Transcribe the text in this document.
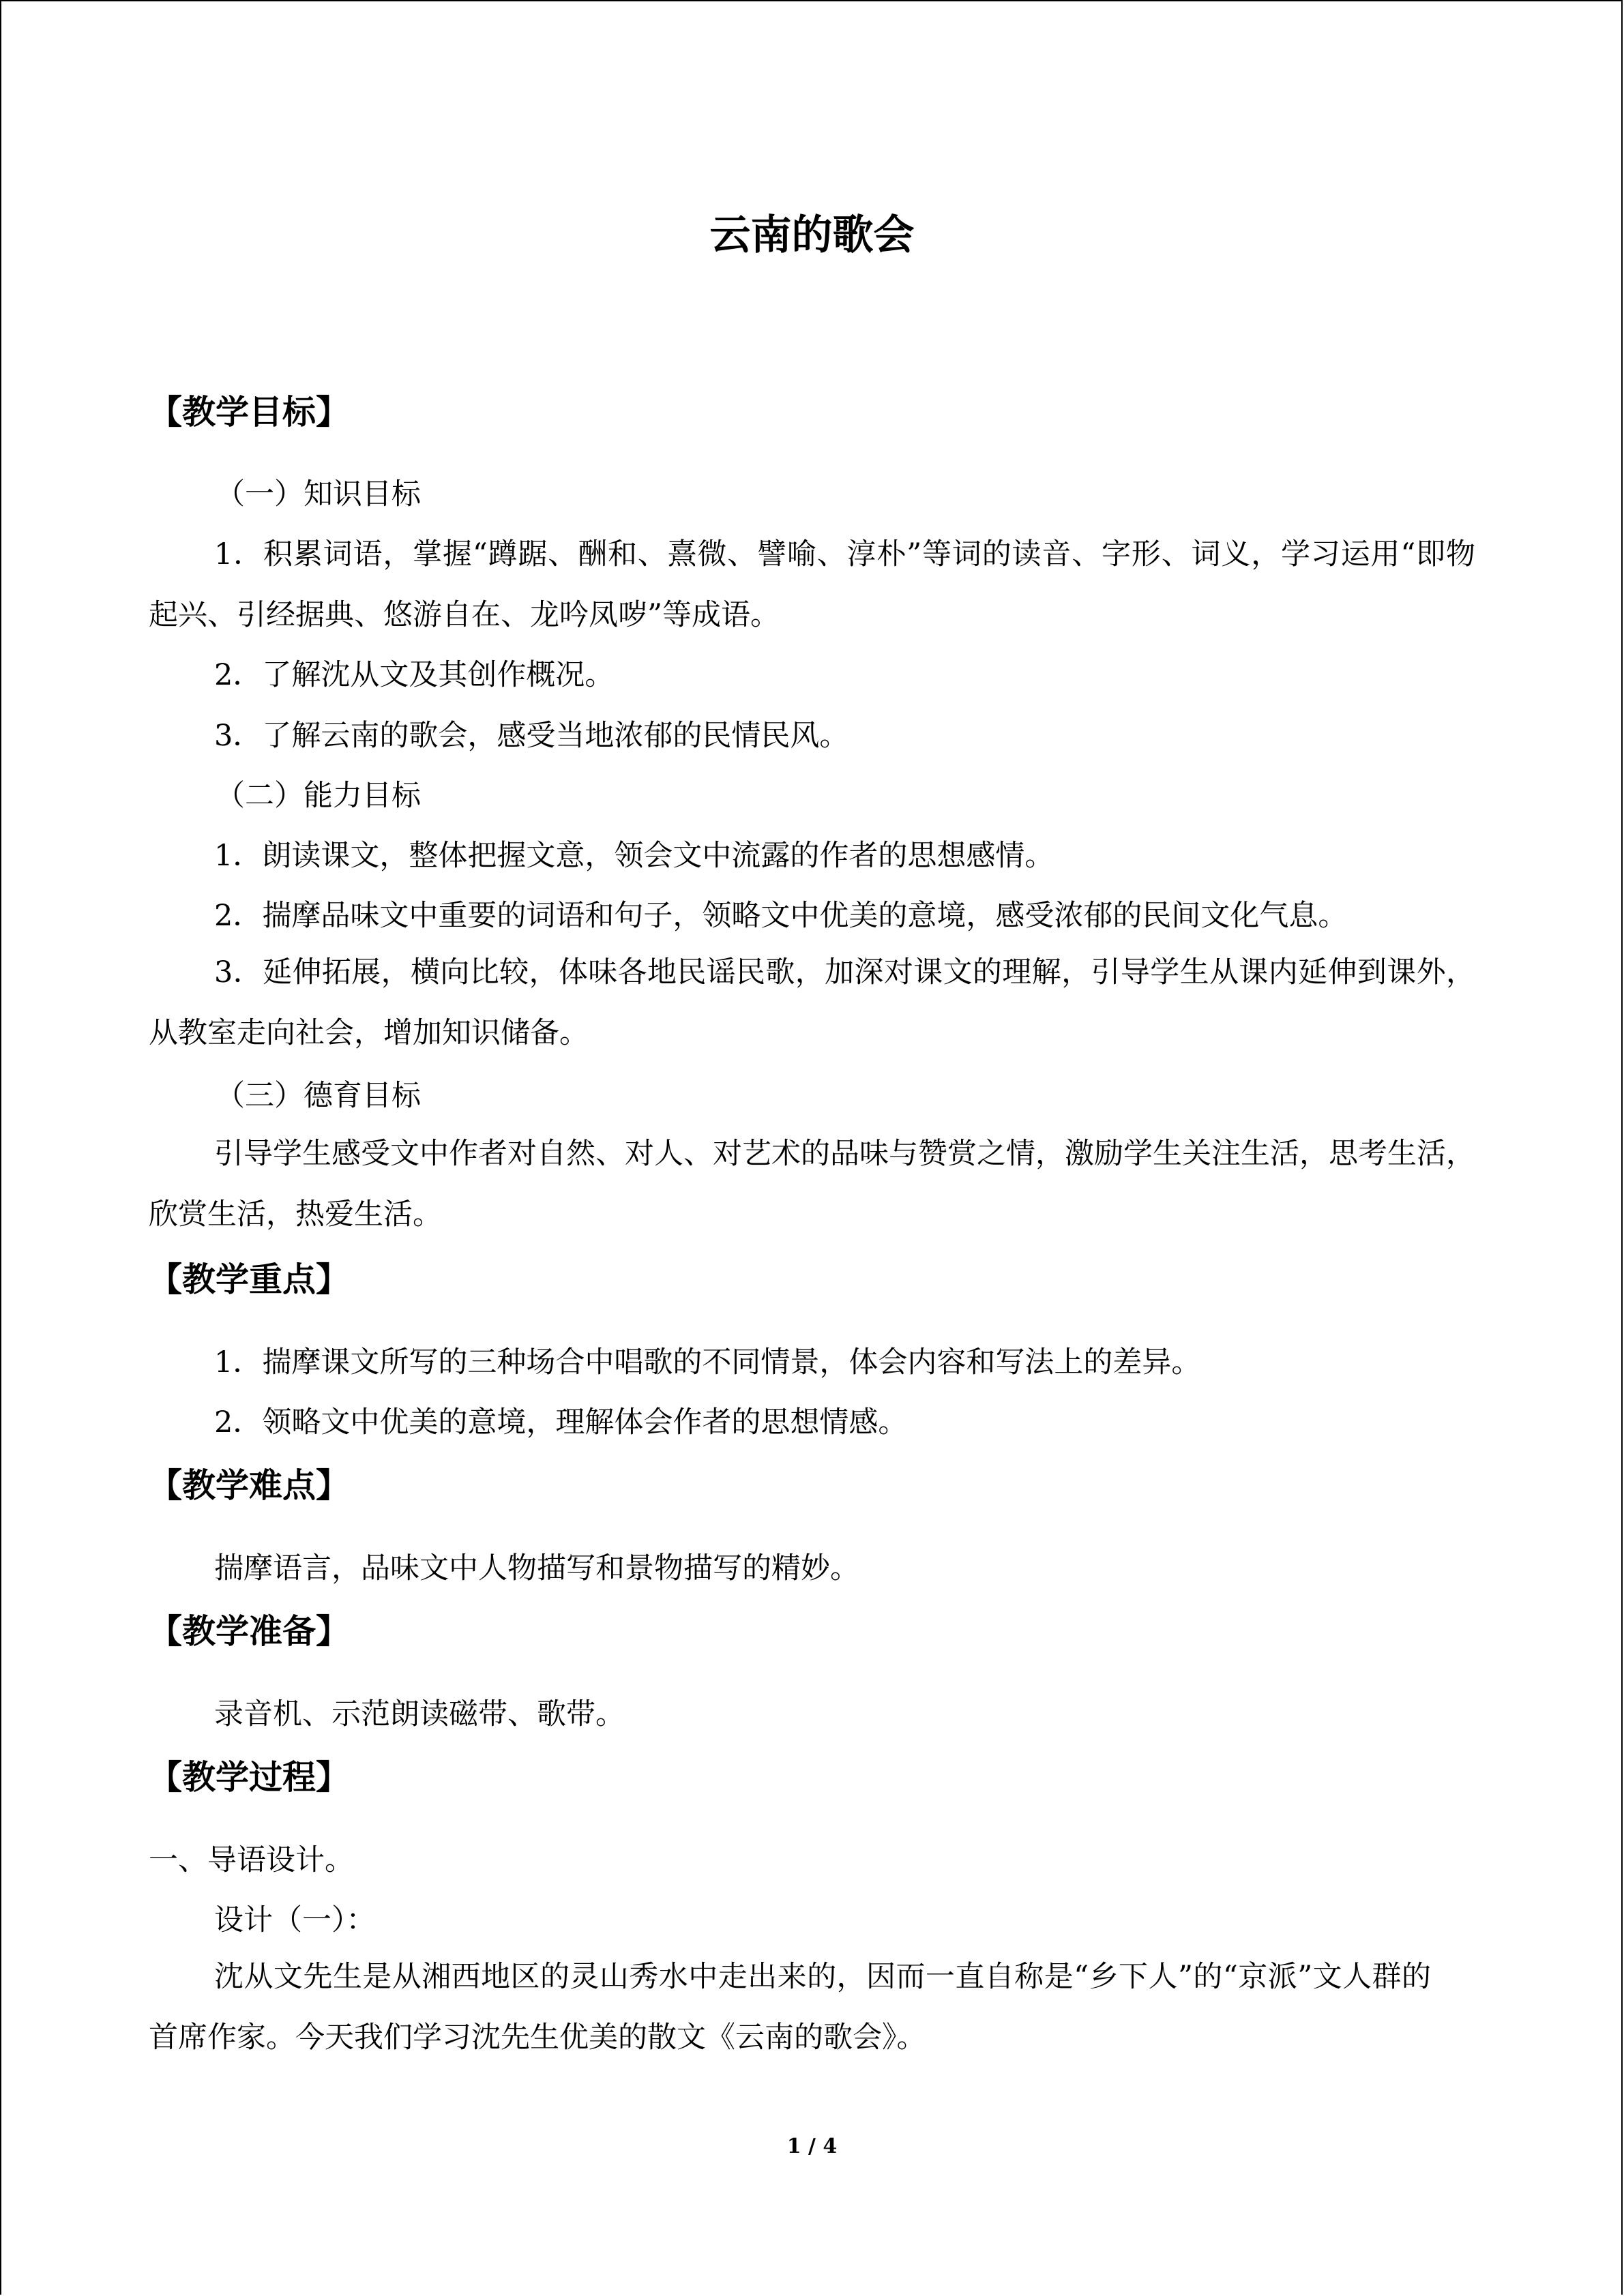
云南的歌会
【教学目标】
（一）知识目标
1．积累词语，掌握“蹲踞、酬和、熹微、譬喻、淳朴”等词的读音、字形、词义，学习运用“即物起兴、引经据典、悠游自在、龙吟凤哕”等成语。
2．了解沈从文及其创作概况。
3．了解云南的歌会，感受当地浓郁的民情民风。
（二）能力目标
1．朗读课文，整体把握文意，领会文中流露的作者的思想感情。
2．揣摩品味文中重要的词语和句子，领略文中优美的意境，感受浓郁的民间文化气息。
3．延伸拓展，横向比较，体味各地民谣民歌，加深对课文的理解，引导学生从课内延伸到课外，从教室走向社会，增加知识储备。
（三）德育目标
引导学生感受文中作者对自然、对人、对艺术的品味与赞赏之情，激励学生关注生活，思考生活，欣赏生活，热爱生活。
【教学重点】
1．揣摩课文所写的三种场合中唱歌的不同情景，体会内容和写法上的差异。
2．领略文中优美的意境，理解体会作者的思想情感。
【教学难点】
揣摩语言，品味文中人物描写和景物描写的精妙。
【教学准备】
录音机、示范朗读磁带、歌带。
【教学过程】
一、导语设计。
设计（一）：
沈从文先生是从湘西地区的灵山秀水中走出来的，因而一直自称是“乡下人”的“京派”文人群的首席作家。今天我们学习沈先生优美的散文《云南的歌会》。
1 / 4
